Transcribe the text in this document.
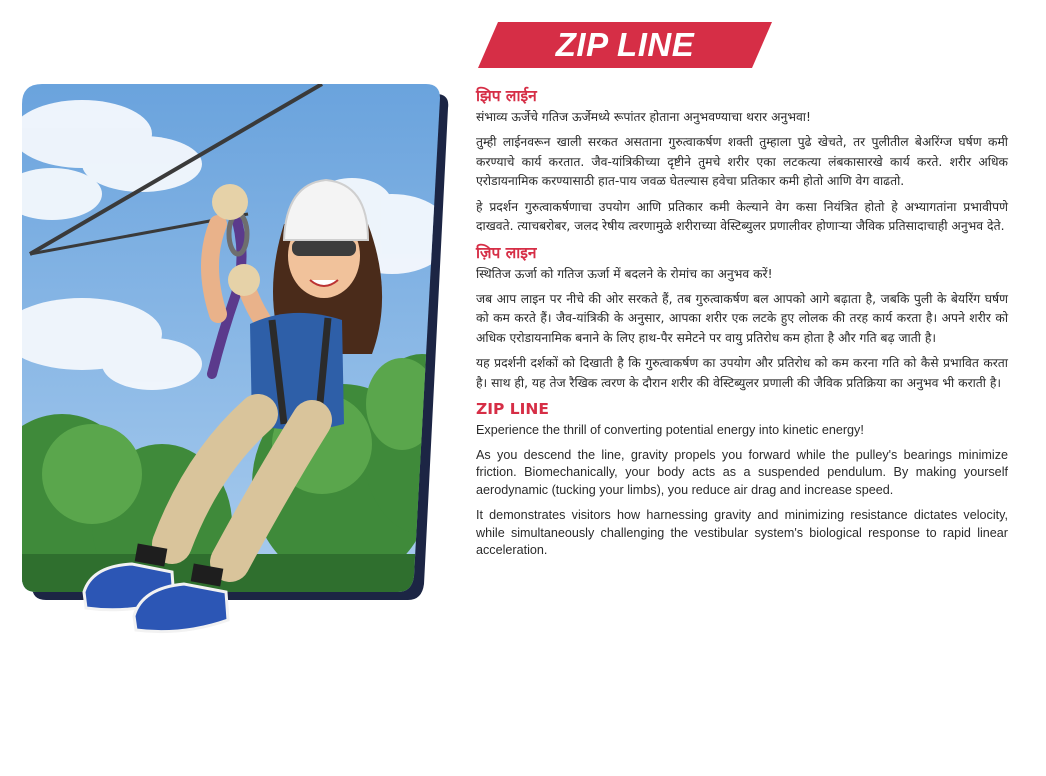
ZIP LINE
झिप लाईन
संभाव्य ऊर्जेचे गतिज ऊर्जेमध्ये रूपांतर होताना अनुभवण्याचा थरार अनुभवा!

तुम्ही लाईनवरून खाली सरकत असताना गुरुत्वाकर्षण शक्ती तुम्हाला पुढे खेचते, तर पुलीतील बेअरिंग्ज घर्षण कमी करण्याचे कार्य करतात. जैव-यांत्रिकीच्या दृष्टीने तुमचे शरीर एका लटकत्या लंबकासारखे कार्य करते. शरीर अधिक एरोडायनामिक करण्यासाठी हात-पाय जवळ घेतल्यास हवेचा प्रतिकार कमी होतो आणि वेग वाढतो.

हे प्रदर्शन गुरुत्वाकर्षणाचा उपयोग आणि प्रतिकार कमी केल्याने वेग कसा नियंत्रित होतो हे अभ्यागतांना प्रभावीपणे दाखवते. त्याचबरोबर, जलद रेषीय त्वरणामुळे शरीराच्या वेस्टिब्युलर प्रणालीवर होणाऱ्या जैविक प्रतिसादाचाही अनुभव देते.

ज़िप लाइन
स्थितिज ऊर्जा को गतिज ऊर्जा में बदलने के रोमांच का अनुभव करें!

जब आप लाइन पर नीचे की ओर सरकते हैं, तब गुरुत्वाकर्षण बल आपको आगे बढ़ाता है, जबकि पुली के बेयरिंग घर्षण को कम करते हैं। जैव-यांत्रिकी के अनुसार, आपका शरीर एक लटके हुए लोलक की तरह कार्य करता है। अपने शरीर को अधिक एरोडायनामिक बनाने के लिए हाथ-पैर समेटने पर वायु प्रतिरोध कम होता है और गति बढ़ जाती है।

यह प्रदर्शनी दर्शकों को दिखाती है कि गुरुत्वाकर्षण का उपयोग और प्रतिरोध को कम करना गति को कैसे प्रभावित करता है। साथ ही, यह तेज रैखिक त्वरण के दौरान शरीर की वेस्टिब्युलर प्रणाली की जैविक प्रतिक्रिया का अनुभव भी कराती है।

ZIP LINE
Experience the thrill of converting potential energy into kinetic energy!

As you descend the line, gravity propels you forward while the pulley's bearings minimize friction. Biomechanically, your body acts as a suspended pendulum. By making yourself aerodynamic (tucking your limbs), you reduce air drag and increase speed.

It demonstrates visitors how harnessing gravity and minimizing resistance dictates velocity, while simultaneously challenging the vestibular system's biological response to rapid linear acceleration.
